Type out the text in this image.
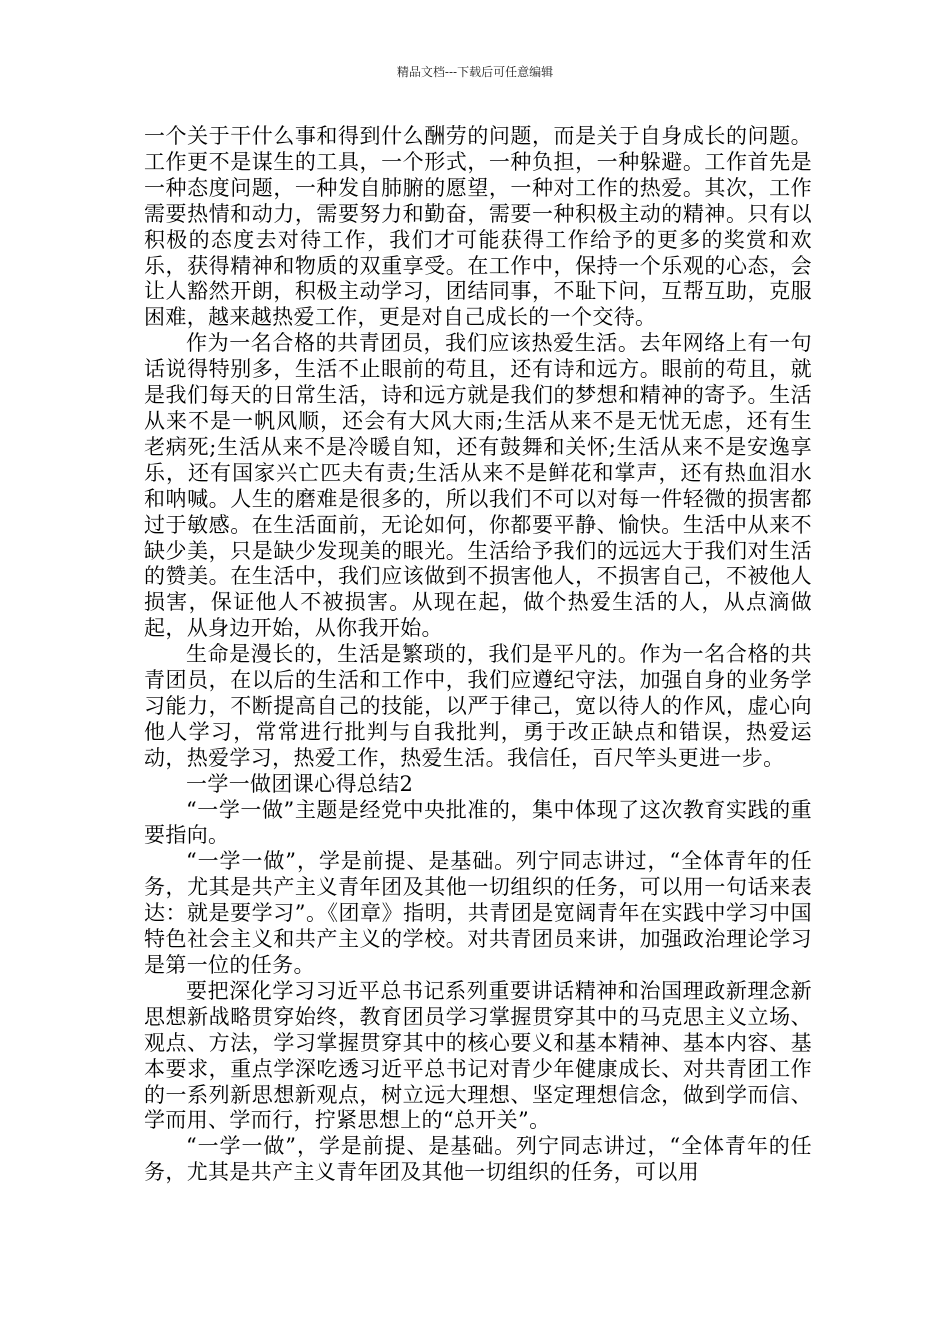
精品文档---下载后可任意编辑

一个关于干什么事和得到什么酬劳的问题，而是关于自身成长的问题。工作更不是谋生的工具，一个形式，一种负担，一种躲避。工作首先是一种态度问题，一种发自肺腑的愿望，一种对工作的热爱。其次，工作需要热情和动力，需要努力和勤奋，需要一种积极主动的精神。只有以积极的态度去对待工作，我们才可能获得工作给予的更多的奖赏和欢乐，获得精神和物质的双重享受。在工作中，保持一个乐观的心态，会让人豁然开朗，积极主动学习，团结同事，不耻下问，互帮互助，克服困难，越来越热爱工作，更是对自己成长的一个交待。

作为一名合格的共青团员，我们应该热爱生活。去年网络上有一句话说得特别多，生活不止眼前的苟且，还有诗和远方。眼前的苟且，就是我们每天的日常生活，诗和远方就是我们的梦想和精神的寄予。生活从来不是一帆风顺，还会有大风大雨;生活从来不是无忧无虑，还有生老病死;生活从来不是冷暖自知，还有鼓舞和关怀;生活从来不是安逸享乐，还有国家兴亡匹夫有责;生活从来不是鲜花和掌声，还有热血泪水和呐喊。人生的磨难是很多的，所以我们不可以对每一件轻微的损害都过于敏感。在生活面前，无论如何，你都要平静、愉快。生活中从来不缺少美，只是缺少发现美的眼光。生活给予我们的远远大于我们对生活的赞美。在生活中，我们应该做到不损害他人，不损害自己，不被他人损害，保证他人不被损害。从现在起，做个热爱生活的人，从点滴做起，从身边开始，从你我开始。

生命是漫长的，生活是繁琐的，我们是平凡的。作为一名合格的共青团员，在以后的生活和工作中，我们应遵纪守法，加强自身的业务学习能力，不断提高自己的技能，以严于律己，宽以待人的作风，虚心向他人学习，常常进行批判与自我批判，勇于改正缺点和错误，热爱运动，热爱学习，热爱工作，热爱生活。我信任，百尺竿头更进一步。

一学一做团课心得总结2

“一学一做”主题是经党中央批准的，集中体现了这次教育实践的重要指向。

“一学一做”，学是前提、是基础。列宁同志讲过，“全体青年的任务，尤其是共产主义青年团及其他一切组织的任务，可以用一句话来表达：就是要学习”。《团章》指明，共青团是宽阔青年在实践中学习中国特色社会主义和共产主义的学校。对共青团员来讲，加强政治理论学习是第一位的任务。

要把深化学习习近平总书记系列重要讲话精神和治国理政新理念新思想新战略贯穿始终，教育团员学习掌握贯穿其中的马克思主义立场、观点、方法，学习掌握贯穿其中的核心要义和基本精神、基本内容、基本要求，重点学深吃透习近平总书记对青少年健康成长、对共青团工作的一系列新思想新观点，树立远大理想、坚定理想信念，做到学而信、学而用、学而行，拧紧思想上的“总开关”。

“一学一做”，学是前提、是基础。列宁同志讲过，“全体青年的任务，尤其是共产主义青年团及其他一切组织的任务，可以用
